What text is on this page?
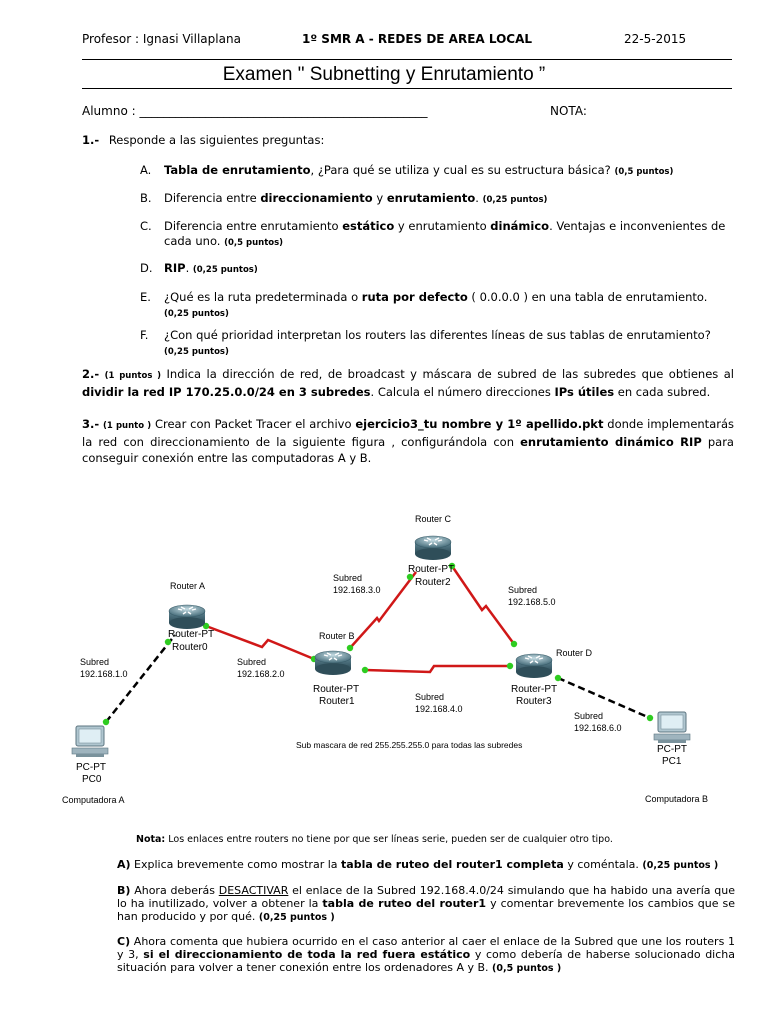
Profesor : Ignasi Villaplana	1º SMR A - REDES DE AREA LOCAL	22-5-2015
Examen " Subnetting y Enrutamiento ”
Alumno : ________________________________________________	NOTA:
1.- Responde a las siguientes preguntas:
A. Tabla de enrutamiento, ¿Para qué se utiliza y cual es su estructura básica? (0,5 puntos)
B. Diferencia entre direccionamiento y enrutamiento. (0,25 puntos)
C. Diferencia entre enrutamiento estático y enrutamiento dinámico. Ventajas e inconvenientes de cada uno. (0,5 puntos)
D. RIP. (0,25 puntos)
E. ¿Qué es la ruta predeterminada o ruta por defecto ( 0.0.0.0 ) en una tabla de enrutamiento.
(0,25 puntos)
F. ¿Con qué prioridad interpretan los routers las diferentes líneas de sus tablas de enrutamiento?
(0,25 puntos)
2.- (1 puntos ) Indica la dirección de red, de broadcast y máscara de subred de las subredes que obtienes al dividir la red IP 170.25.0.0/24 en 3 subredes. Calcula el número direcciones IPs útiles en cada subred.
3.- (1 punto ) Crear con Packet Tracer el archivo ejercicio3_tu nombre y 1º apellido.pkt donde implementarás la red con direccionamiento de la siguiente figura , configurándola con enrutamiento dinámico RIP para conseguir conexión entre las computadoras A y B.
Router A
Router-PT
Router0
Router B
Router-PT
Router1
Router C
Router-PT
Router2
Router D
Router-PT
Router3
PC-PT
PC0
Computadora A
PC-PT
PC1
Computadora B
Subred
192.168.1.0
Subred
192.168.2.0
Subred
192.168.3.0
Subred
192.168.4.0
Subred
192.168.5.0
Subred
192.168.6.0
Sub mascara de red 255.255.255.0 para todas las subredes
Nota: Los enlaces entre routers no tiene por que ser líneas serie, pueden ser de cualquier otro tipo.
A) Explica brevemente como mostrar la tabla de ruteo del router1 completa y coméntala. (0,25 puntos )
B) Ahora deberás DESACTIVAR el enlace de la Subred 192.168.4.0/24 simulando que ha habido una avería que lo ha inutilizado, volver a obtener la tabla de ruteo del router1 y comentar brevemente los cambios que se han producido y por qué. (0,25 puntos )
C) Ahora comenta que hubiera ocurrido en el caso anterior al caer el enlace de la Subred que une los routers 1 y 3, si el direccionamiento de toda la red fuera estático y como debería de haberse solucionado dicha situación para volver a tener conexión entre los ordenadores A y B. (0,5 puntos )
